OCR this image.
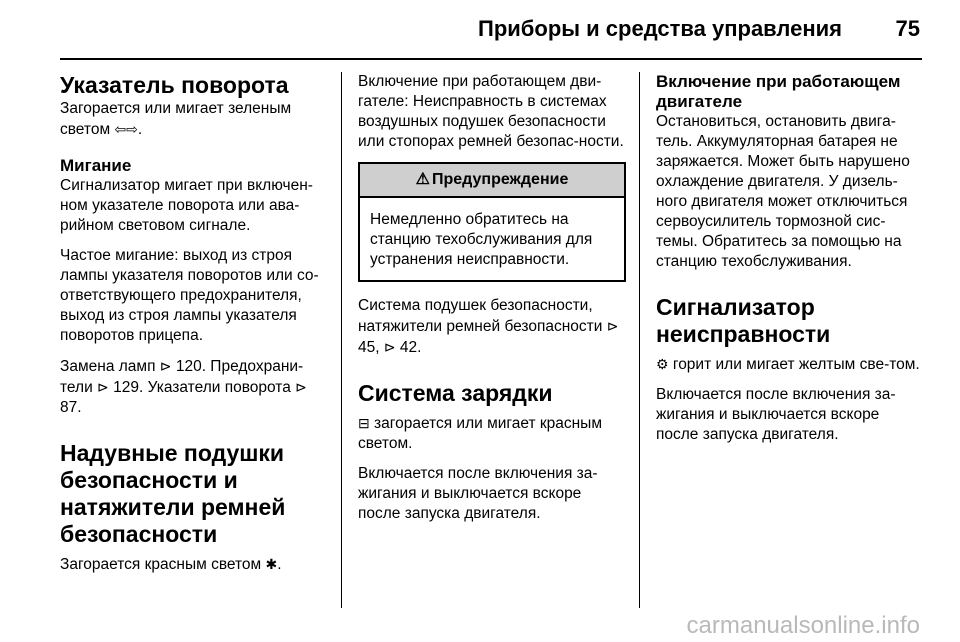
Приборы и средства управления 75
Указатель поворота

Загорается или мигает зеленым светом ⇦⇨.

Мигание

Сигнализатор мигает при включен-ном указателе поворота или ава-рийном световом сигнале.

Частое мигание: выход из строя лампы указателя поворотов или со-ответствующего предохранителя, выход из строя лампы указателя поворотов прицепа.

Замена ламп ⊳ 120. Предохрани-тели ⊳ 129. Указатели поворота ⊳ 87.

Надувные подушки безопасности и натяжители ремней безопасности

Загорается красным светом ✱.

Включение при работающем дви-гателе: Неисправность в системах воздушных подушек безопасности или стопорах ремней безопас-ности.

⚠ Предупреждение
Немедленно обратитесь на станцию техобслуживания для устранения неисправности.

Система подушек безопасности, натяжители ремней безопасности ⊳ 45, ⊳ 42.

Система зарядки

⊟ загорается или мигает красным светом.

Включается после включения за-жигания и выключается вскоре после запуска двигателя.

Включение при работающем двигателе

Остановиться, остановить двига-тель. Аккумуляторная батарея не заряжается. Может быть нарушено охлаждение двигателя. У дизель-ного двигателя может отключиться сервоусилитель тормозной сис-темы. Обратитесь за помощью на станцию техобслуживания.

Сигнализатор неисправности

⚙ горит или мигает желтым све-том.

Включается после включения за-жигания и выключается вскоре после запуска двигателя.

carmanualsonline.info
